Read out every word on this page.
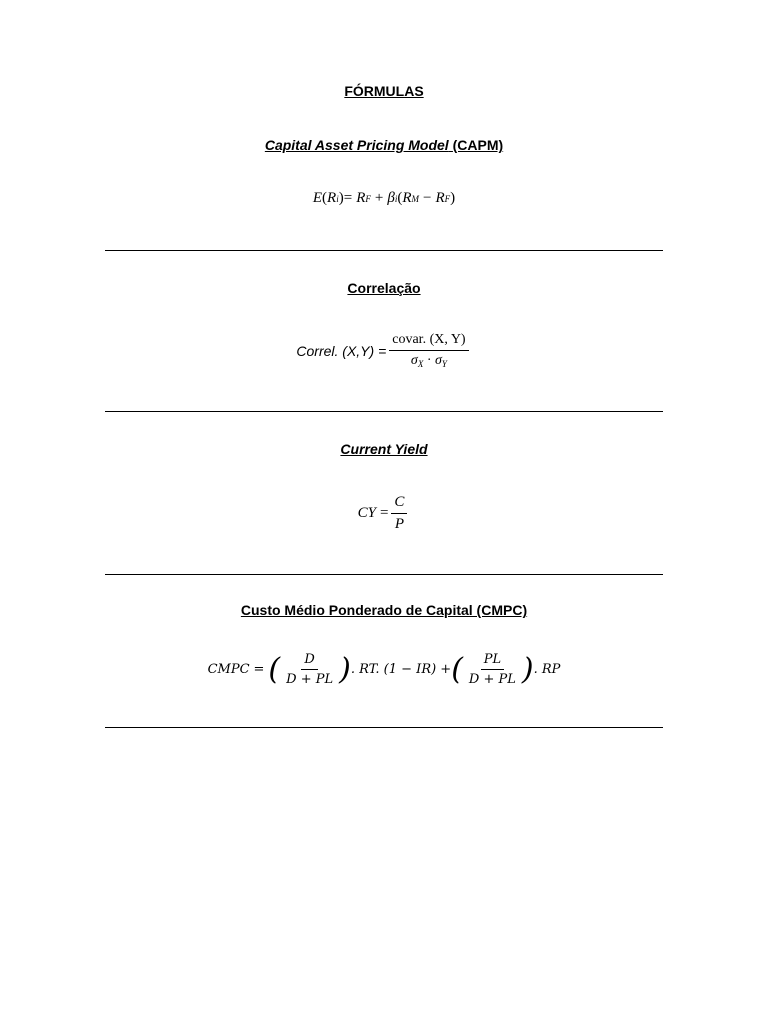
FÓRMULAS
Capital Asset Pricing Model (CAPM)
E ( R i ) = R F + β i ( R M − R F )
Correlação
Correl. $(X,Y) = \frac{\text{covar. (X, Y)}}{\sigma_X \cdot \sigma_Y}$
Current Yield
CY = $\frac{C}{P}$
Custo Médio Ponderado de Capital (CMPC)
CMPC = ( $\frac{D}{D + PL}$ ) . RT. (1 − IR) + ( $\frac{PL}{D + PL}$ ) . RP
